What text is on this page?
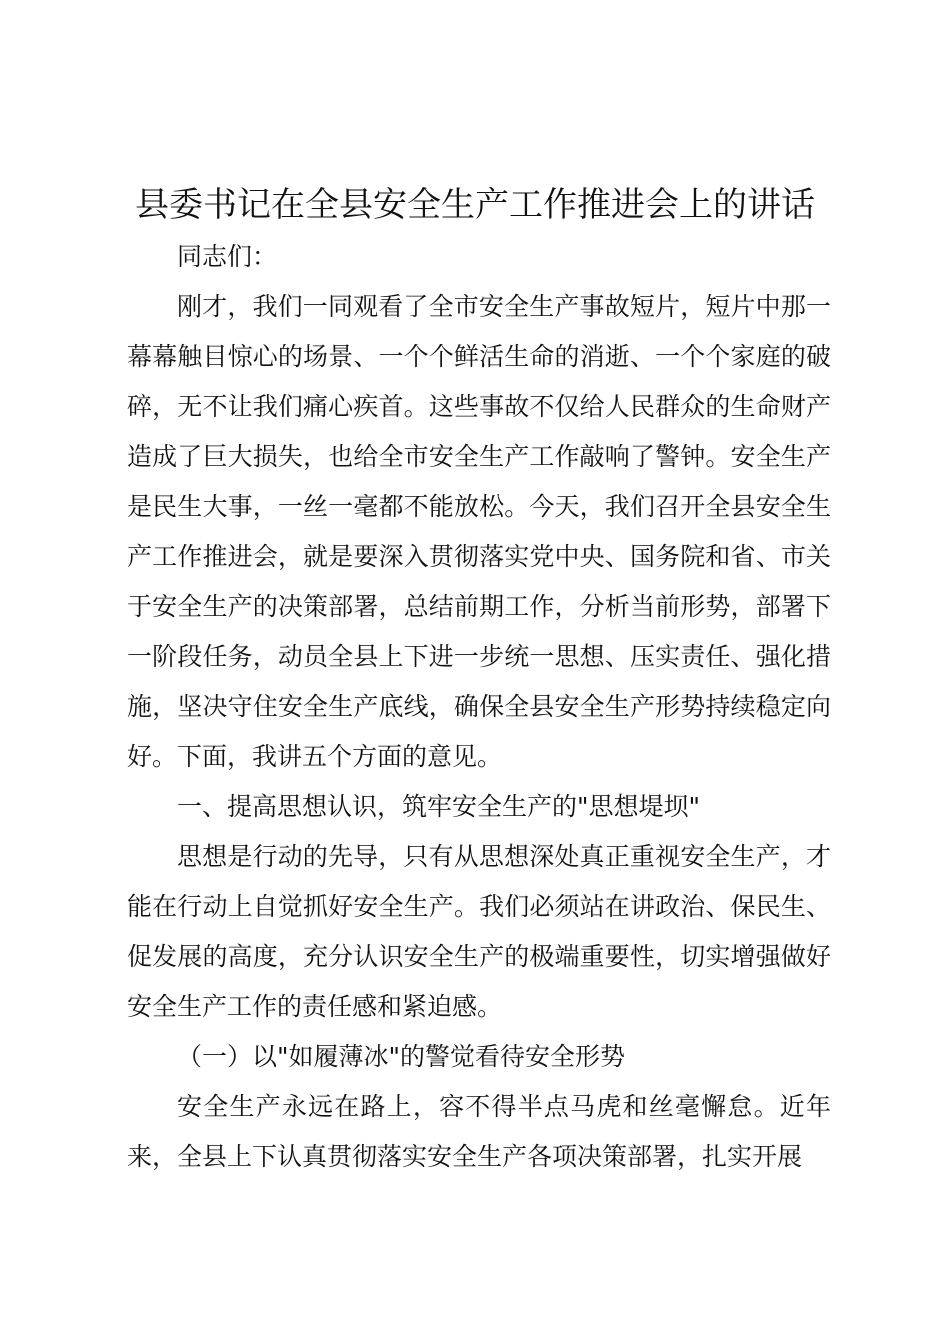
县委书记在全县安全生产工作推进会上的讲话

同志们：

刚才，我们一同观看了全市安全生产事故短片，短片中那一幕幕触目惊心的场景、一个个鲜活生命的消逝、一个个家庭的破碎，无不让我们痛心疾首。这些事故不仅给人民群众的生命财产造成了巨大损失，也给全市安全生产工作敲响了警钟。安全生产是民生大事，一丝一毫都不能放松。今天，我们召开全县安全生产工作推进会，就是要深入贯彻落实党中央、国务院和省、市关于安全生产的决策部署，总结前期工作，分析当前形势，部署下一阶段任务，动员全县上下进一步统一思想、压实责任、强化措施，坚决守住安全生产底线，确保全县安全生产形势持续稳定向好。下面，我讲五个方面的意见。

一、提高思想认识，筑牢安全生产的"思想堤坝"

思想是行动的先导，只有从思想深处真正重视安全生产，才能在行动上自觉抓好安全生产。我们必须站在讲政治、保民生、促发展的高度，充分认识安全生产的极端重要性，切实增强做好安全生产工作的责任感和紧迫感。

（一）以"如履薄冰"的警觉看待安全形势

安全生产永远在路上，容不得半点马虎和丝毫懈怠。近年来，全县上下认真贯彻落实安全生产各项决策部署，扎实开展
